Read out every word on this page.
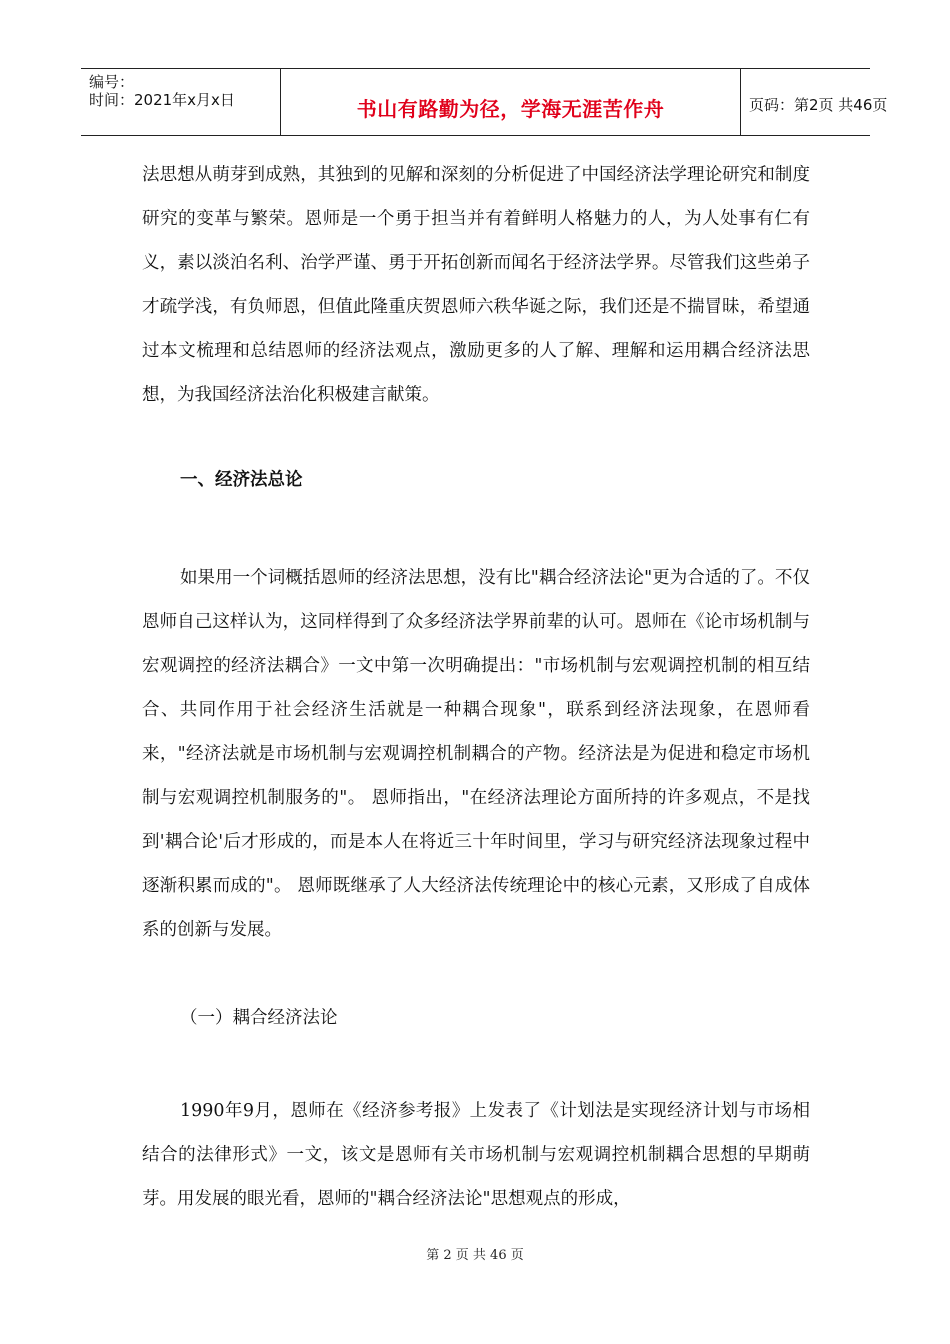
编号：
时间：2021年x月x日	书山有路勤为径，学海无涯苦作舟	页码：第2页 共46页

法思想从萌芽到成熟，其独到的见解和深刻的分析促进了中国经济法学理论研究和制度研究的变革与繁荣。恩师是一个勇于担当并有着鲜明人格魅力的人，为人处事有仁有义，素以淡泊名利、治学严谨、勇于开拓创新而闻名于经济法学界。尽管我们这些弟子才疏学浅，有负师恩，但值此隆重庆贺恩师六秩华诞之际，我们还是不揣冒昧，希望通过本文梳理和总结恩师的经济法观点，激励更多的人了解、理解和运用耦合经济法思想，为我国经济法治化积极建言献策。

一、经济法总论

如果用一个词概括恩师的经济法思想，没有比"耦合经济法论"更为合适的了。不仅恩师自己这样认为，这同样得到了众多经济法学界前辈的认可。恩师在《论市场机制与宏观调控的经济法耦合》一文中第一次明确提出："市场机制与宏观调控机制的相互结合、共同作用于社会经济生活就是一种耦合现象"，联系到经济法现象，在恩师看来，"经济法就是市场机制与宏观调控机制耦合的产物。经济法是为促进和稳定市场机制与宏观调控机制服务的"。 恩师指出，"在经济法理论方面所持的许多观点，不是找到'耦合论'后才形成的，而是本人在将近三十年时间里，学习与研究经济法现象过程中逐渐积累而成的"。 恩师既继承了人大经济法传统理论中的核心元素，又形成了自成体系的创新与发展。

（一）耦合经济法论

1990年9月，恩师在《经济参考报》上发表了《计划法是实现经济计划与市场相结合的法律形式》一文，该文是恩师有关市场机制与宏观调控机制耦合思想的早期萌芽。用发展的眼光看，恩师的"耦合经济法论"思想观点的形成，

第 2 页 共 46 页
